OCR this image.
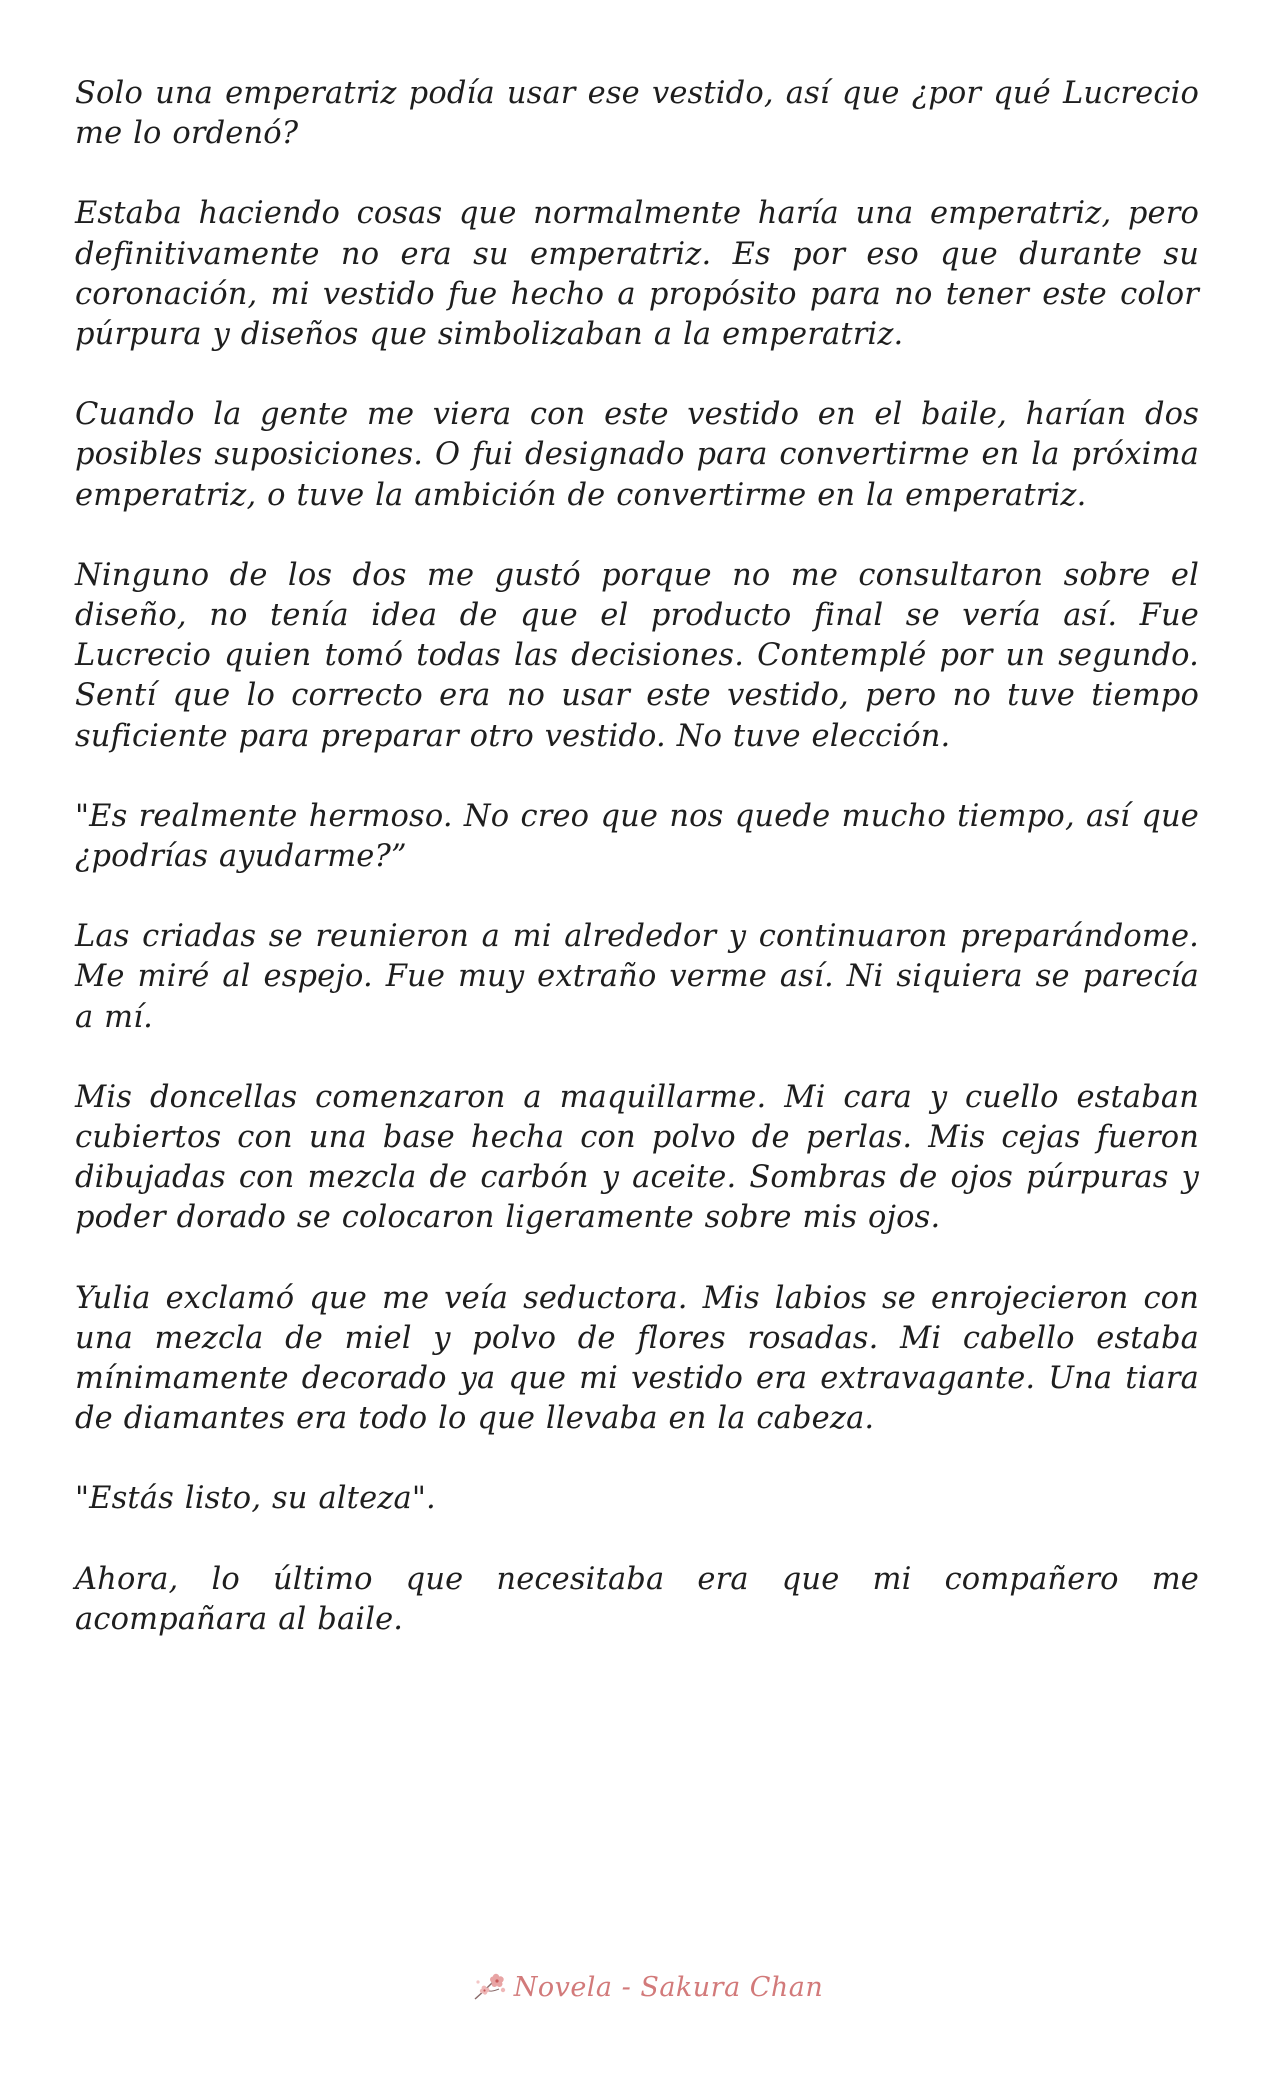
Solo una emperatriz podía usar ese vestido, así que ¿por qué Lucrecio me lo ordenó?

Estaba haciendo cosas que normalmente haría una emperatriz, pero definitivamente no era su emperatriz. Es por eso que durante su coronación, mi vestido fue hecho a propósito para no tener este color púrpura y diseños que simbolizaban a la emperatriz.

Cuando la gente me viera con este vestido en el baile, harían dos posibles suposiciones. O fui designado para convertirme en la próxima emperatriz, o tuve la ambición de convertirme en la emperatriz.

Ninguno de los dos me gustó porque no me consultaron sobre el diseño, no tenía idea de que el producto final se vería así. Fue Lucrecio quien tomó todas las decisiones. Contemplé por un segundo. Sentí que lo correcto era no usar este vestido, pero no tuve tiempo suficiente para preparar otro vestido. No tuve elección.

"Es realmente hermoso. No creo que nos quede mucho tiempo, así que ¿podrías ayudarme?”

Las criadas se reunieron a mi alrededor y continuaron preparándome. Me miré al espejo. Fue muy extraño verme así. Ni siquiera se parecía a mí.

Mis doncellas comenzaron a maquillarme. Mi cara y cuello estaban cubiertos con una base hecha con polvo de perlas. Mis cejas fueron dibujadas con mezcla de carbón y aceite. Sombras de ojos púrpuras y poder dorado se colocaron ligeramente sobre mis ojos.

Yulia exclamó que me veía seductora. Mis labios se enrojecieron con una mezcla de miel y polvo de flores rosadas. Mi cabello estaba mínimamente decorado ya que mi vestido era extravagante. Una tiara de diamantes era todo lo que llevaba en la cabeza.

"Estás listo, su alteza".

Ahora, lo último que necesitaba era que mi compañero me acompañara al baile.

Novela - Sakura Chan
